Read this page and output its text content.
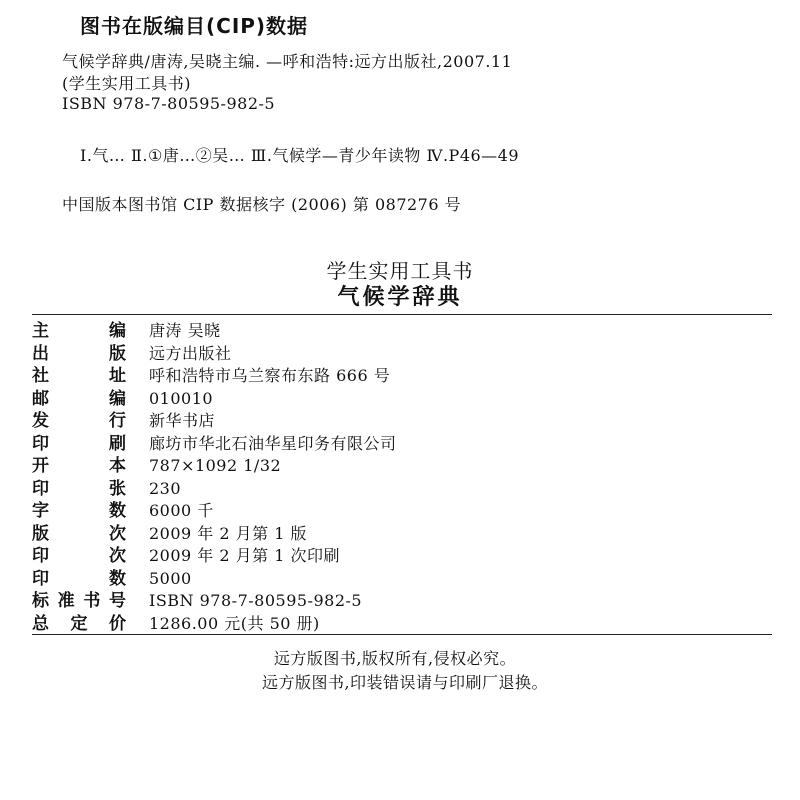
图书在版编目(CIP)数据
气候学辞典/唐涛,吴晓主编. —呼和浩特:远方出版社,2007.11
(学生实用工具书)
ISBN 978-7-80595-982-5
Ⅰ.气… Ⅱ.①唐…②吴… Ⅲ.气候学—青少年读物 Ⅳ.P46—49
中国版本图书馆 CIP 数据核字 (2006) 第 087276 号
学生实用工具书
气候学辞典
主	编 唐涛 吴晓
出	版 远方出版社
社	址 呼和浩特市乌兰察布东路 666 号
邮	编 010010
发	行 新华书店
印	刷 廊坊市华北石油华星印务有限公司
开	本 787×1092 1/32
印	张 230
字	数 6000 千
版	次 2009 年 2 月第 1 版
印	次 2009 年 2 月第 1 次印刷
印	数 5000
标 准 书 号 ISBN 978-7-80595-982-5
总 定 价 1286.00 元(共 50 册)
远方版图书,版权所有,侵权必究。
远方版图书,印装错误请与印刷厂退换。
